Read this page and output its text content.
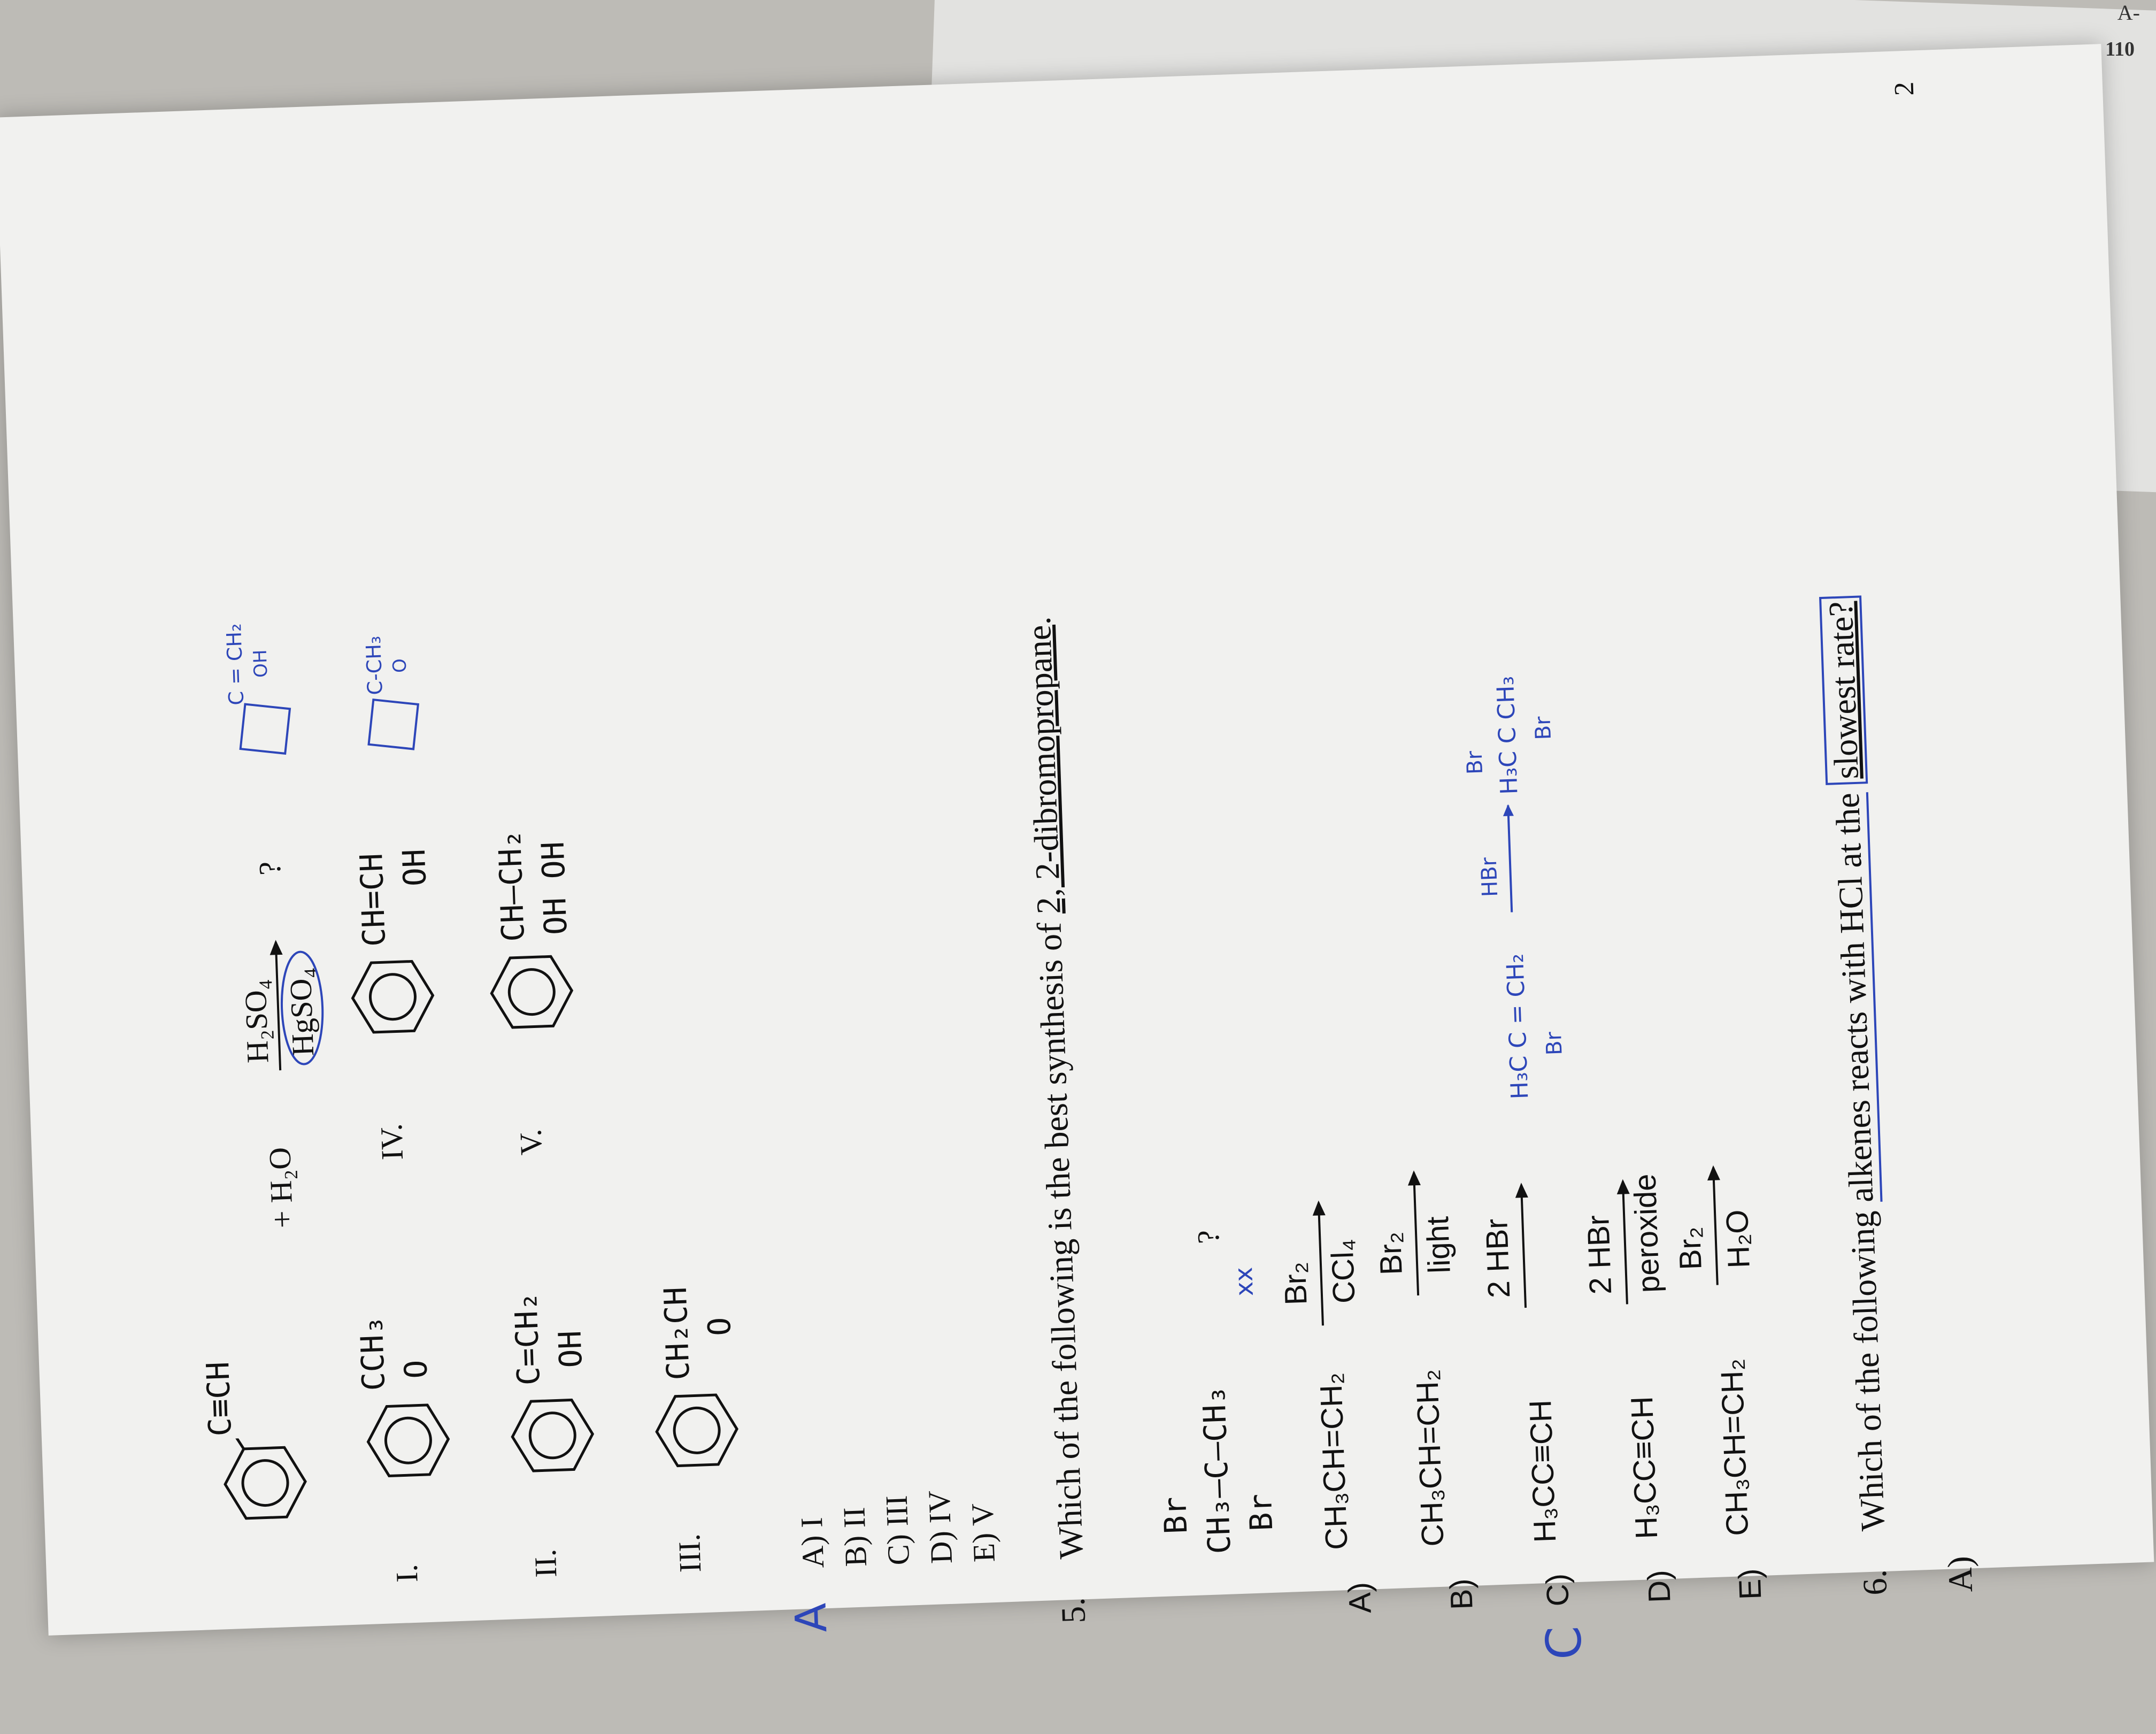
2
C≡CH
+ H₂O
H₂SO₄ HgSO₄
?
C = CH₂ OH	C-CH₃ O
I.
CCH₃ O
IV.
CH=CH OH
II.
C=CH₂ OH
V.
CH—CH₂ OH OH
III.
CH₂CH O
A
A) I B) II C) III D) IV E) V
5.
Which of the following is the best synthesis of 2, 2-dibromopropane.
Br CH₃—C—CH₃ Br
?
xx
A)
CH₃CH=CH₂
Br₂ CCl₄
B)
CH₃CH=CH₂
Br₂ light
C
C)
H₃CC≡CH
2 HBr
H₃C C = CH₂ Br
HBr
Br H₃C C CH₃ Br
D)
H₃CC≡CH
2 HBr peroxide
E)
CH₃CH=CH₂
Br₂ H₂O
6.
Which of the following alkenes reacts with HCl at the slowest rate?
A)
A-
110
